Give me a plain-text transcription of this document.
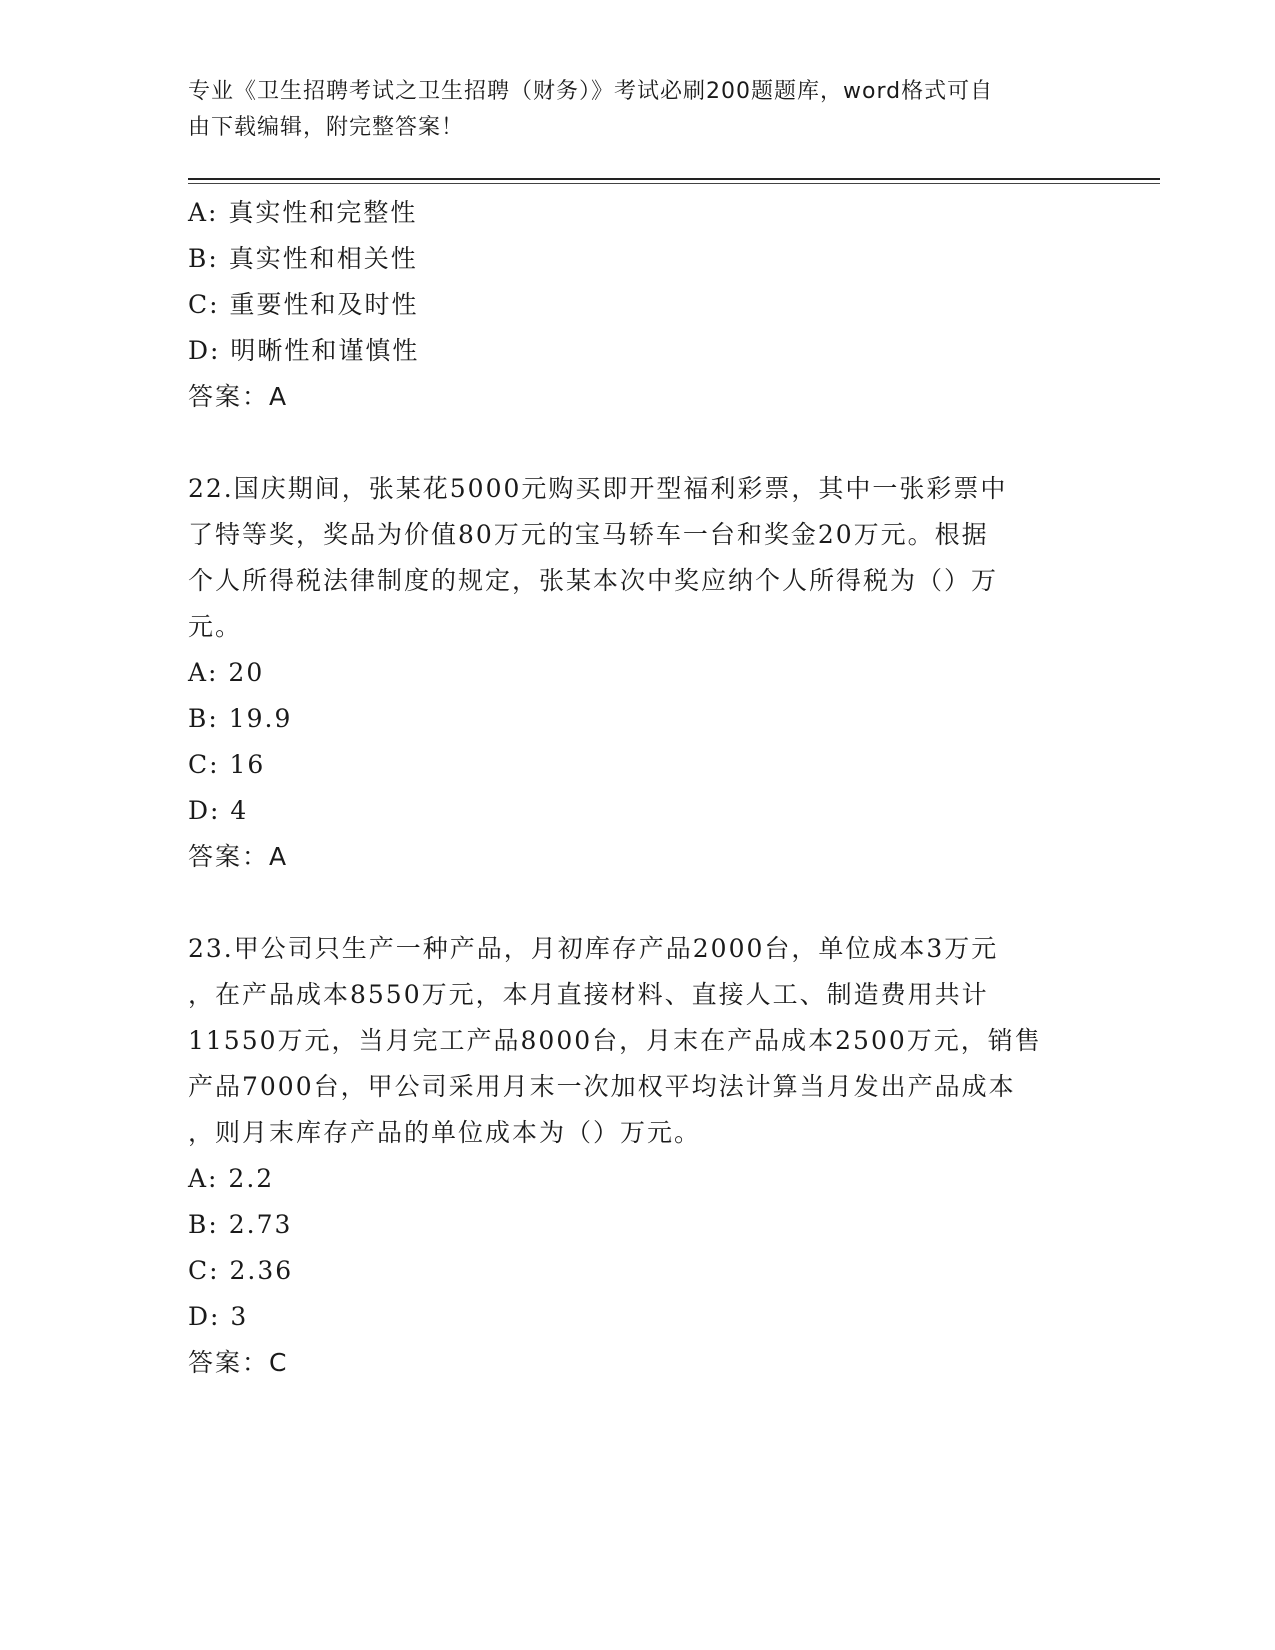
专业《卫生招聘考试之卫生招聘（财务）》考试必刷200题题库，word格式可自
由下载编辑，附完整答案！
A: 真实性和完整性
B: 真实性和相关性
C: 重要性和及时性
D: 明晰性和谨慎性
答案：A
22.国庆期间，张某花5000元购买即开型福利彩票，其中一张彩票中
了特等奖，奖品为价值80万元的宝马轿车一台和奖金20万元。根据
个人所得税法律制度的规定，张某本次中奖应纳个人所得税为（）万
元。
A: 20
B: 19.9
C: 16
D: 4
答案：A
23.甲公司只生产一种产品，月初库存产品2000台，单位成本3万元
，在产品成本8550万元，本月直接材料、直接人工、制造费用共计
11550万元，当月完工产品8000台，月末在产品成本2500万元，销售
产品7000台，甲公司采用月末一次加权平均法计算当月发出产品成本
，则月末库存产品的单位成本为（）万元。
A: 2.2
B: 2.73
C: 2.36
D: 3
答案：C
